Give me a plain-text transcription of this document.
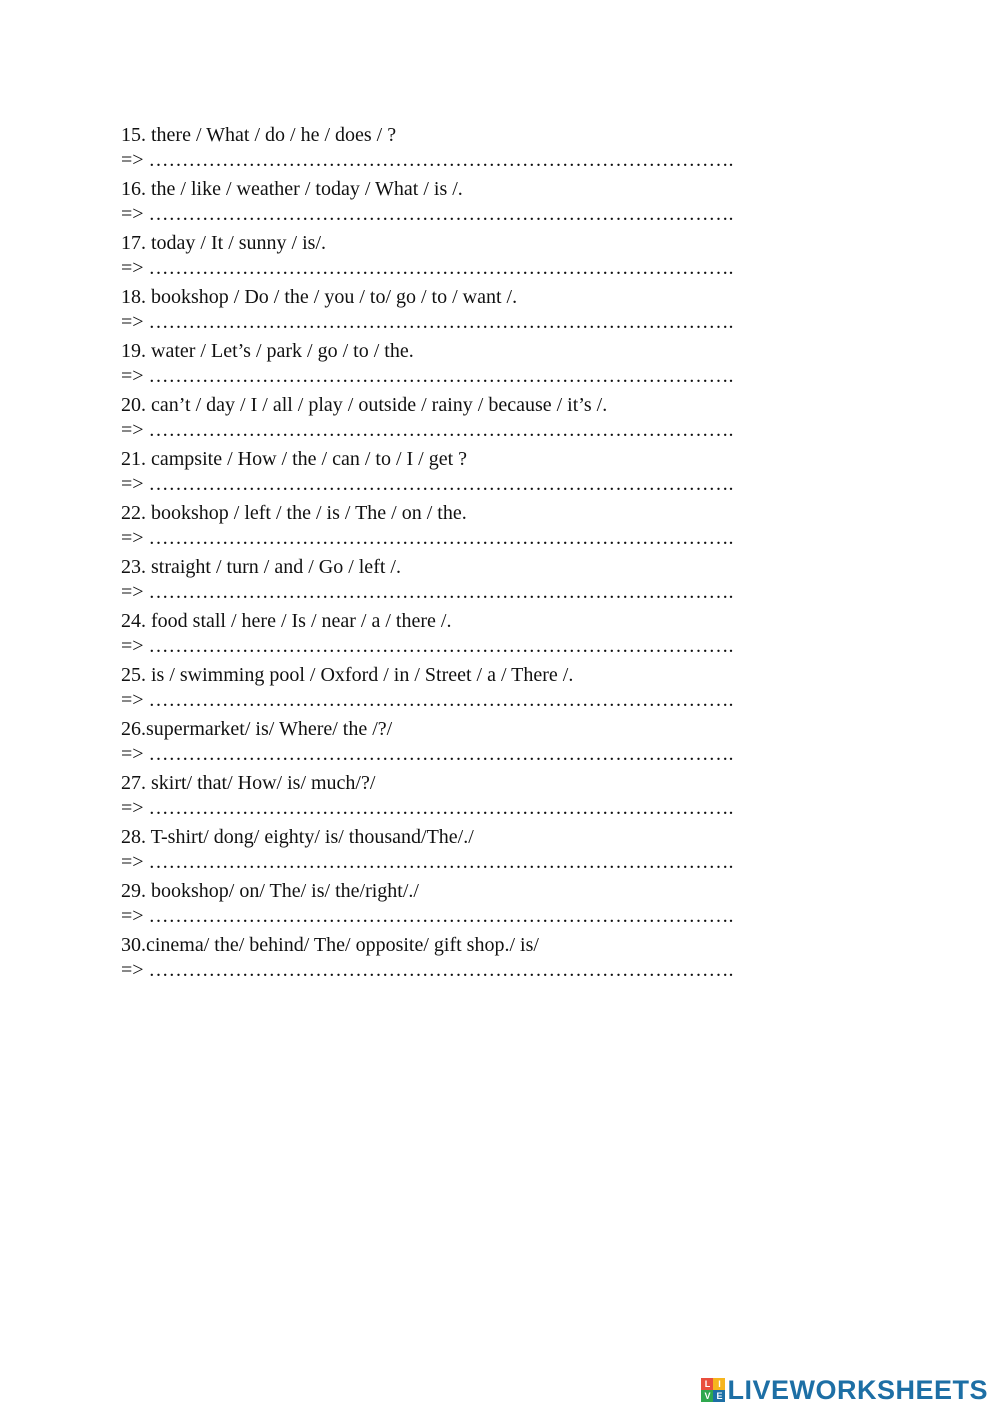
15. there / What / do / he / does / ?
=> …………………………………………………………………………….
16. the / like / weather / today / What / is /.
=> …………………………………………………………………………….
17. today / It / sunny / is/.
=> …………………………………………………………………………….
18. bookshop / Do / the / you / to/ go / to / want /.
=> …………………………………………………………………………….
19. water / Let’s / park / go / to / the.
=> …………………………………………………………………………….
20. can’t / day / I / all / play / outside / rainy / because / it’s /.
=> …………………………………………………………………………….
21. campsite / How / the / can / to / I / get ?
=> …………………………………………………………………………….
22. bookshop / left / the / is / The / on / the.
=> …………………………………………………………………………….
23. straight / turn / and / Go / left /.
=> …………………………………………………………………………….
24. food stall / here / Is / near / a / there /.
=> …………………………………………………………………………….
25. is / swimming pool / Oxford / in / Street / a / There /.
=> …………………………………………………………………………….
26.supermarket/ is/ Where/ the /?/
=> …………………………………………………………………………….
27. skirt/ that/ How/ is/ much/?/
=> …………………………………………………………………………….
28. T-shirt/ dong/ eighty/ is/ thousand/The/./
=> …………………………………………………………………………….
29. bookshop/ on/ The/ is/ the/right/./
=> …………………………………………………………………………….
30.cinema/ the/ behind/ The/ opposite/ gift shop./ is/
=> …………………………………………………………………………….
L I
V E LIVEWORKSHEETS
